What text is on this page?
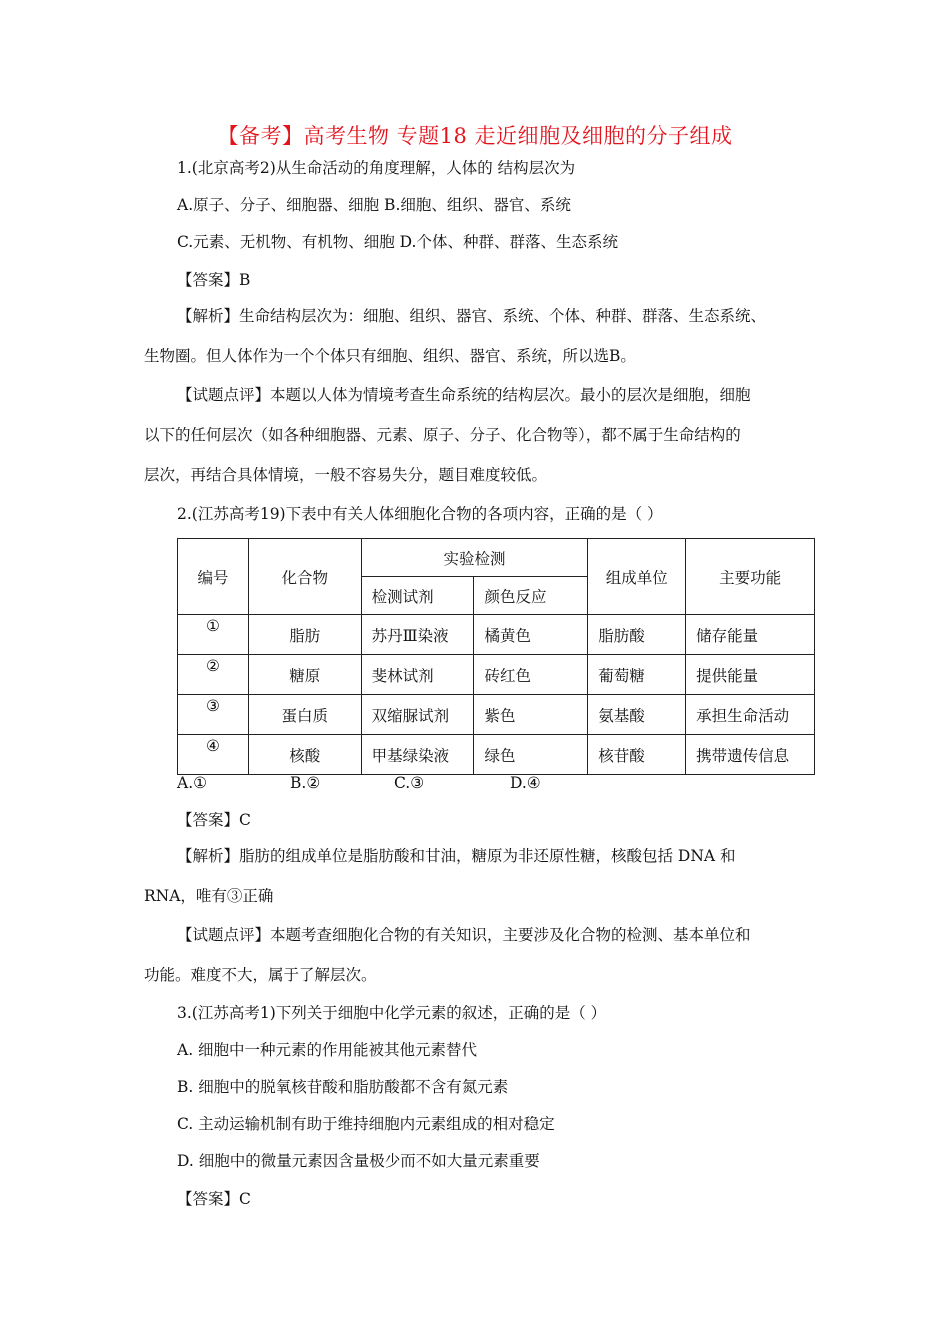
【备考】高考生物 专题18 走近细胞及细胞的分子组成
1.(北京高考2)从生命活动的角度理解，人体的 结构层次为
A.原子、分子、细胞器、细胞 B.细胞、组织、器官、系统
C.元素、无机物、有机物、细胞 D.个体、种群、群落、生态系统
【答案】B
【解析】生命结构层次为：细胞、组织、器官、系统、个体、种群、群落、生态系统、
生物圈。但人体作为一个个体只有细胞、组织、器官、系统，所以选B。
【试题点评】本题以人体为情境考查生命系统的结构层次。最小的层次是细胞，细胞
以下的任何层次（如各种细胞器、元素、原子、分子、化合物等），都不属于生命结构的
层次，再结合具体情境，一般不容易失分，题目难度较低。
2.(江苏高考19)下表中有关人体细胞化合物的各项内容，正确的是（ ）
编号	化合物	实验检测		组成单位	主要功能
		检测试剂	颜色反应		
①	脂肪	苏丹Ⅲ染液	橘黄色	脂肪酸	储存能量
②	糖原	斐林试剂	砖红色	葡萄糖	提供能量
③	蛋白质	双缩脲试剂	紫色	氨基酸	承担生命活动
④	核酸	甲基绿染液	绿色	核苷酸	携带遗传信息
A.①	B.②	C.③	D.④
【答案】C
【解析】脂肪的组成单位是脂肪酸和甘油，糖原为非还原性糖，核酸包括 DNA 和
RNA，唯有③正确
【试题点评】本题考查细胞化合物的有关知识，主要涉及化合物的检测、基本单位和
功能。难度不大，属于了解层次。
3.(江苏高考1)下列关于细胞中化学元素的叙述，正确的是（ ）
A. 细胞中一种元素的作用能被其他元素替代
B. 细胞中的脱氧核苷酸和脂肪酸都不含有氮元素
C. 主动运输机制有助于维持细胞内元素组成的相对稳定
D. 细胞中的微量元素因含量极少而不如大量元素重要
【答案】C
